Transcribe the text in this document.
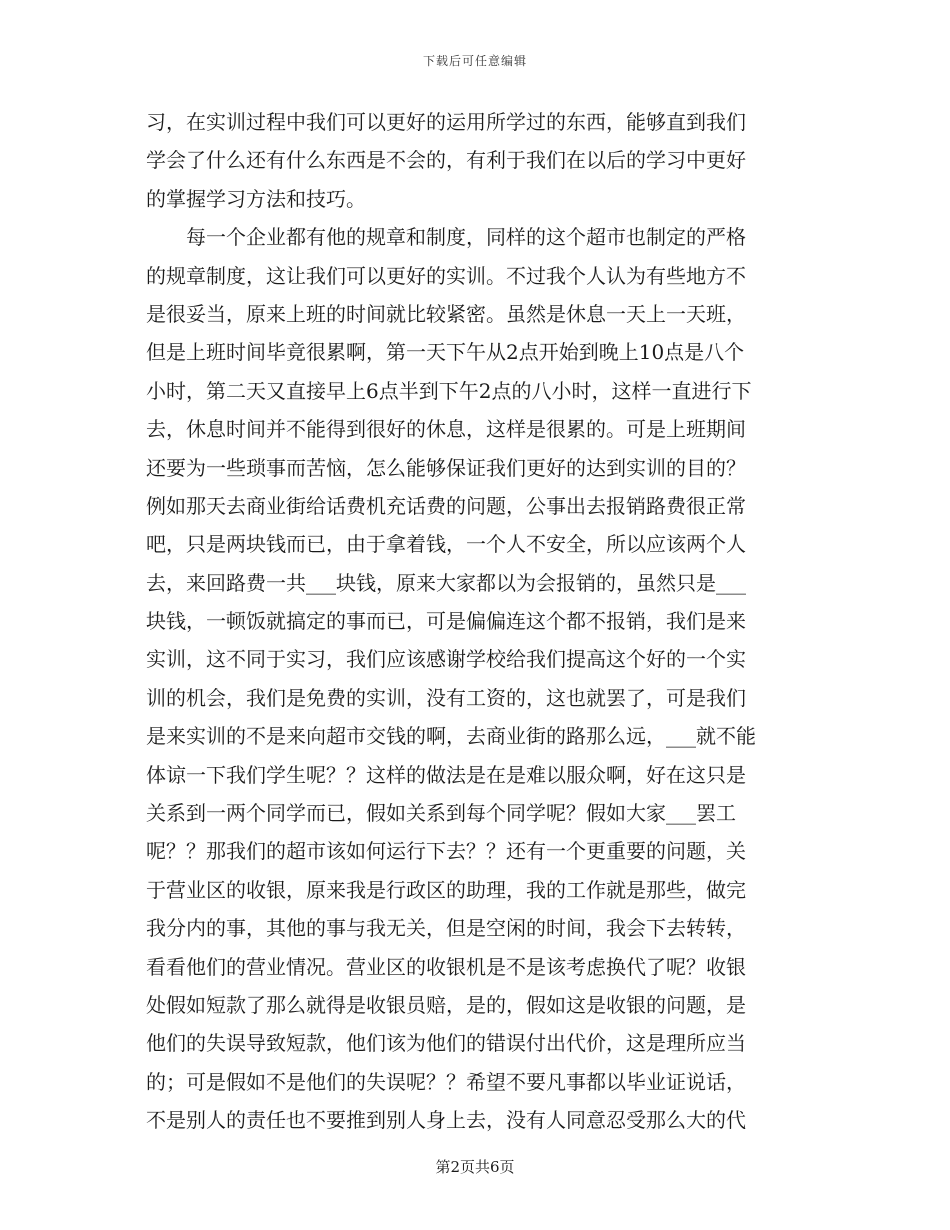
下载后可任意编辑
习，在实训过程中我们可以更好的运用所学过的东西，能够直到我们
学会了什么还有什么东西是不会的，有利于我们在以后的学习中更好
的掌握学习方法和技巧。
每一个企业都有他的规章和制度，同样的这个超市也制定的严格
的规章制度，这让我们可以更好的实训。不过我个人认为有些地方不
是很妥当，原来上班的时间就比较紧密。虽然是休息一天上一天班，
但是上班时间毕竟很累啊，第一天下午从2点开始到晚上10点是八个
小时，第二天又直接早上6点半到下午2点的八小时，这样一直进行下
去，休息时间并不能得到很好的休息，这样是很累的。可是上班期间
还要为一些琐事而苦恼，怎么能够保证我们更好的达到实训的目的？
例如那天去商业街给话费机充话费的问题，公事出去报销路费很正常
吧，只是两块钱而已，由于拿着钱，一个人不安全，所以应该两个人
去，来回路费一共___块钱，原来大家都以为会报销的，虽然只是___
块钱，一顿饭就搞定的事而已，可是偏偏连这个都不报销，我们是来
实训，这不同于实习，我们应该感谢学校给我们提高这个好的一个实
训的机会，我们是免费的实训，没有工资的，这也就罢了，可是我们
是来实训的不是来向超市交钱的啊，去商业街的路那么远，___就不能
体谅一下我们学生呢？？这样的做法是在是难以服众啊，好在这只是
关系到一两个同学而已，假如关系到每个同学呢？假如大家___罢工
呢？？那我们的超市该如何运行下去？？还有一个更重要的问题，关
于营业区的收银，原来我是行政区的助理，我的工作就是那些，做完
我分内的事，其他的事与我无关，但是空闲的时间，我会下去转转，
看看他们的营业情况。营业区的收银机是不是该考虑换代了呢？收银
处假如短款了那么就得是收银员赔，是的，假如这是收银的问题，是
他们的失误导致短款，他们该为他们的错误付出代价，这是理所应当
的；可是假如不是他们的失误呢？？希望不要凡事都以毕业证说话，
不是别人的责任也不要推到别人身上去，没有人同意忍受那么大的代
第2页共6页
